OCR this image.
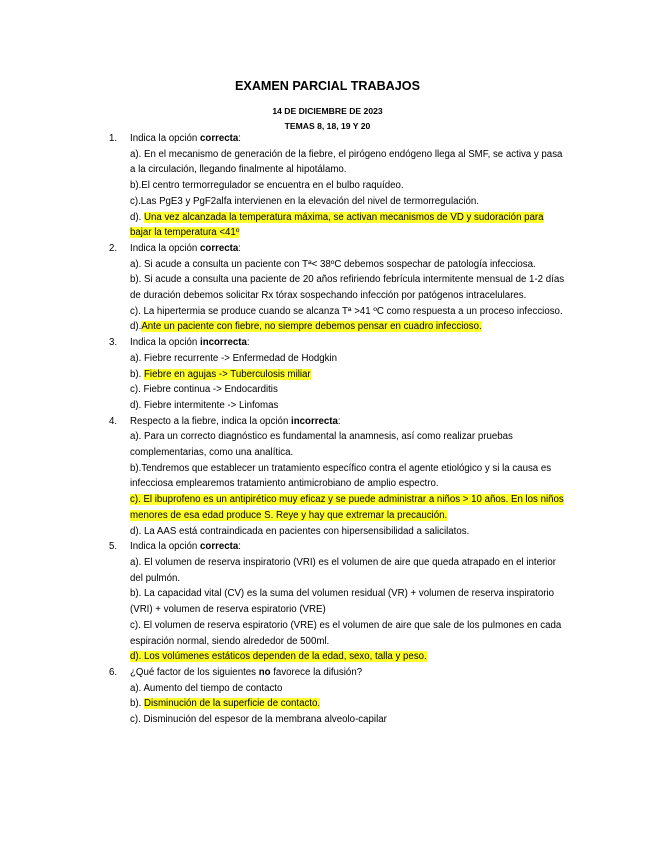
EXAMEN PARCIAL TRABAJOS
14 DE DICIEMBRE DE 2023
TEMAS 8, 18, 19 Y 20
1.	Indica la opción correcta:
a). En el mecanismo de generación de la fiebre, el pirógeno endógeno llega al SMF, se activa y pasa a la circulación, llegando finalmente al hipotálamo.
b).El centro termorregulador se encuentra en el bulbo raquídeo.
c).Las PgE3 y PgF2alfa intervienen en la elevación del nivel de termorregulación.
d). Una vez alcanzada la temperatura máxima, se activan mecanismos de VD y sudoración para bajar la temperatura <41º
2.	Indica la opción correcta:
a). Si acude a consulta un paciente con Tª< 38ºC debemos sospechar de patología infecciosa.
b). Si acude a consulta una paciente de 20 años refiriendo febrícula intermitente mensual de 1-2 días de duración debemos solicitar Rx tórax sospechando infección por patógenos intracelulares.
c). La hipertermia se produce cuando se alcanza Tª >41 ºC como respuesta a un proceso infeccioso.
d).Ante un paciente con fiebre, no siempre debemos pensar en cuadro infeccioso.
3.	Indica la opción incorrecta:
a). Fiebre recurrente -> Enfermedad de Hodgkin
b). Fiebre en agujas -> Tuberculosis miliar
c). Fiebre continua -> Endocarditis
d). Fiebre intermitente -> Linfomas
4.	Respecto a la fiebre, indica la opción incorrecta:
a). Para un correcto diagnóstico es fundamental la anamnesis, así como realizar pruebas complementarias, como una analítica.
b).Tendremos que establecer un tratamiento específico contra el agente etiológico y si la causa es infecciosa emplearemos tratamiento antimicrobiano de amplio espectro.
c). El ibuprofeno es un antipirético muy eficaz y se puede administrar a niños > 10 años. En los niños menores de esa edad produce S. Reye y hay que extremar la precaución.
d). La AAS está contraindicada en pacientes con hipersensibilidad a salicilatos.
5.	Indica la opción correcta:
a). El volumen de reserva inspiratorio (VRI) es el volumen de aire que queda atrapado en el interior del pulmón.
b). La capacidad vital (CV) es la suma del volumen residual (VR) + volumen de reserva inspiratorio (VRI) + volumen de reserva espiratorio (VRE)
c). El volumen de reserva espiratorio (VRE) es el volumen de aire que sale de los pulmones en cada espiración normal, siendo alrededor de 500ml.
d). Los volúmenes estáticos dependen de la edad, sexo, talla y peso.
6.	¿Qué factor de los siguientes no favorece la difusión?
a). Aumento del tiempo de contacto
b). Disminución de la superficie de contacto.
c). Disminución del espesor de la membrana alveolo-capilar
